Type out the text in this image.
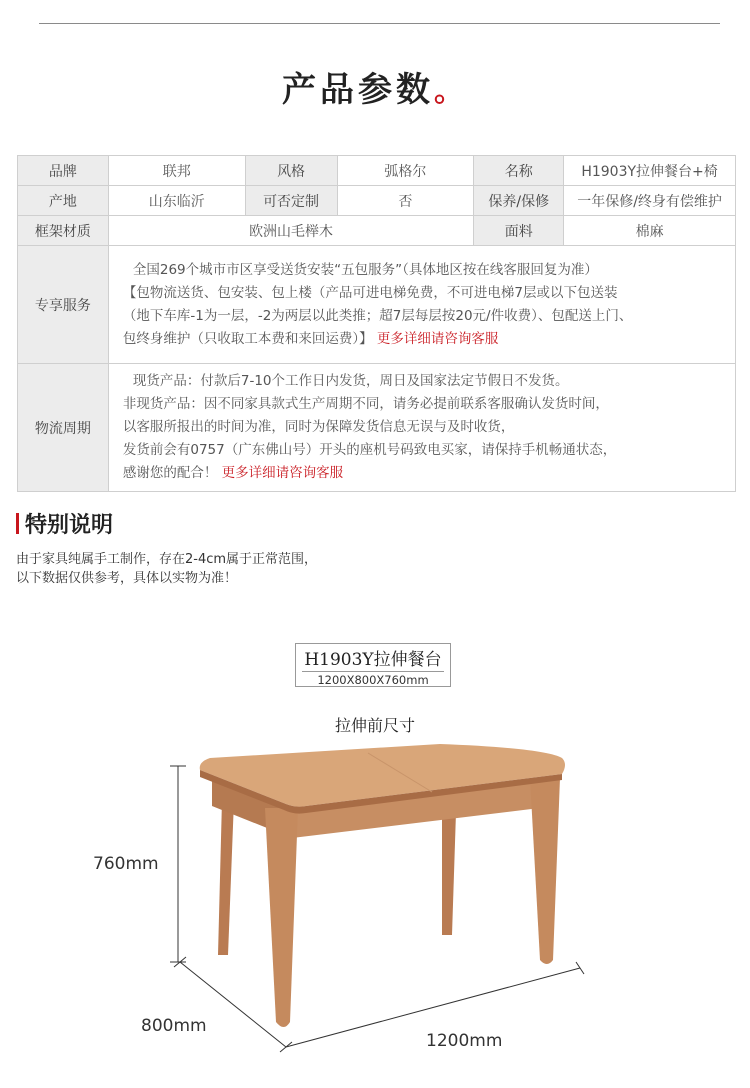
产品参数。
品牌	联邦	风格	弧格尔	名称	H1903Y拉伸餐台+椅
产地	山东临沂	可否定制	否	保养/保修	一年保修/终身有偿维护
框架材质	欧洲山毛榉木			面料	棉麻
专享服务	全国269个城市市区享受送货安装“五包服务”（具体地区按在线客服回复为准）
【包物流送货、包安装、包上楼（产品可进电梯免费，不可进电梯7层或以下包送装
（地下车库-1为一层，-2为两层以此类推；超7层每层按20元/件收费）、包配送上门、
包终身维护（只收取工本费和来回运费）】 更多详细请咨询客服				

物流周期	现货产品：付款后7-10个工作日内发货，周日及国家法定节假日不发货。
非现货产品：因不同家具款式生产周期不同，请务必提前联系客服确认发货时间，
以客服所报出的时间为准，同时为保障发货信息无误与及时收货，
发货前会有0757（广东佛山号）开头的座机号码致电买家，请保持手机畅通状态，
感谢您的配合！ 更多详细请咨询客服				
特别说明
由于家具纯属手工制作，存在2-4cm属于正常范围，
以下数据仅供参考，具体以实物为准！
H1903Y拉伸餐台
1200X800X760mm
拉伸前尺寸
760mm
800mm
1200mm
